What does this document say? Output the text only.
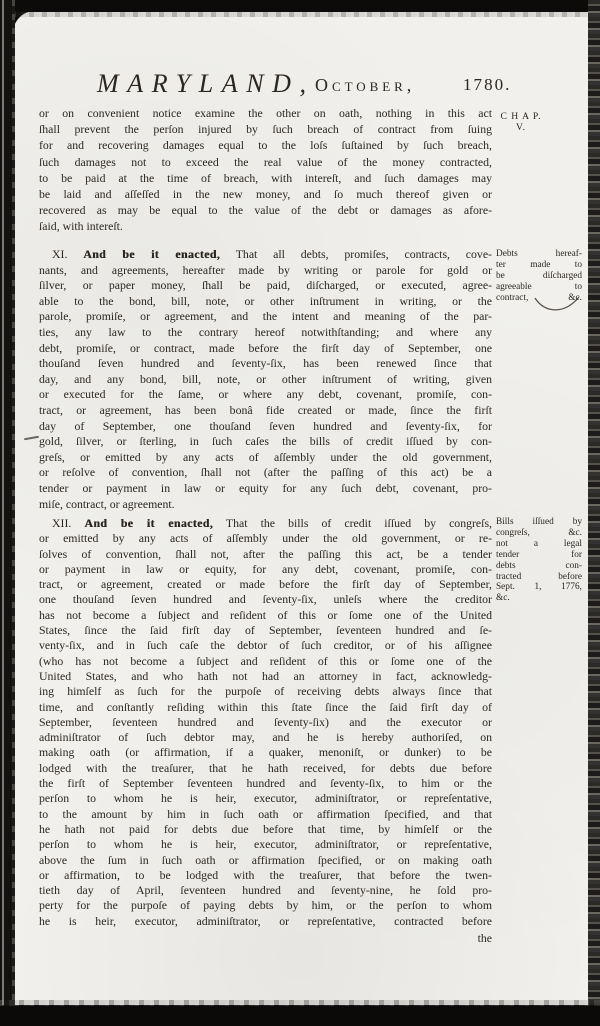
MARYLAND, October,	1780.
C H A P.
V.
or on convenient notice examine the other on oath, nothing in this act
ſhall prevent the perſon injured by ſuch breach of contract from ſuing
for and recovering damages equal to the loſs ſuſtained by ſuch breach,
ſuch damages not to exceed the real value of the money contracted,
to be paid at the time of breach, with intereſt, and ſuch damages may
be laid and aſſeſſed in the new money, and ſo much thereof given or
recovered as may be equal to the value of the debt or damages as afore-
ſaid, with intereſt.
XI. And be it enacted, That all debts, promiſes, contracts, cove-
nants, and agreements, hereafter made by writing or parole for gold or
ſilver, or paper money, ſhall be paid, diſcharged, or executed, agree-
able to the bond, bill, note, or other inſtrument in writing, or the
parole, promiſe, or agreement, and the intent and meaning of the par-
ties, any law to the contrary hereof notwithſtanding; and where any
debt, promiſe, or contract, made before the firſt day of September, one
thouſand ſeven hundred and ſeventy-ſix, has been renewed ſince that
day, and any bond, bill, note, or other inſtrument of writing, given
or executed for the ſame, or where any debt, covenant, promiſe, con-
tract, or agreement, has been bonâ fide created or made, ſince the firſt
day of September, one thouſand ſeven hundred and ſeventy-ſix, for
gold, ſilver, or ſterling, in ſuch caſes the bills of credit iſſued by con-
greſs, or emitted by any acts of aſſembly under the old government,
or reſolve of convention, ſhall not (after the paſſing of this act) be a
tender or payment in law or equity for any ſuch debt, covenant, pro-
miſe, contract, or agreement.
Debts hereaf-
ter made to
be diſcharged
agreeable to
contract, &c.
XII. And be it enacted, That the bills of credit iſſued by congreſs,
or emitted by any acts of aſſembly under the old government, or re-
ſolves of convention, ſhall not, after the paſſing this act, be a tender
or payment in law or equity, for any debt, covenant, promiſe, con-
tract, or agreement, created or made before the firſt day of September,
one thouſand ſeven hundred and ſeventy-ſix, unleſs where the creditor
has not become a ſubject and reſident of this or ſome one of the United
States, ſince the ſaid firſt day of September, ſeventeen hundred and ſe-
venty-ſix, and in ſuch caſe the debtor of ſuch creditor, or of his aſſignee
(who has not become a ſubject and reſident of this or ſome one of the
United States, and who hath not had an attorney in fact, acknowledg-
ing himſelf as ſuch for the purpoſe of receiving debts always ſince that
time, and conſtantly reſiding within this ſtate ſince the ſaid firſt day of
September, ſeventeen hundred and ſeventy-ſix) and the executor or
adminiſtrator of ſuch debtor may, and he is hereby authoriſed, on
making oath (or affirmation, if a quaker, menoniſt, or dunker) to be
lodged with the treaſurer, that he hath received, for debts due before
the firſt of September ſeventeen hundred and ſeventy-ſix, to him or the
perſon to whom he is heir, executor, adminiſtrator, or repreſentative,
to the amount by him in ſuch oath or affirmation ſpecified, and that
he hath not paid for debts due before that time, by himſelf or the
perſon to whom he is heir, executor, adminiſtrator, or repreſentative,
above the ſum in ſuch oath or affirmation ſpecified, or on making oath
or affirmation, to be lodged with the treaſurer, that before the twen-
tieth day of April, ſeventeen hundred and ſeventy-nine, he ſold pro-
perty for the purpoſe of paying debts by him, or the perſon to whom
he is heir, executor, adminiſtrator, or repreſentative, contracted before
Bills iſſued by
congreſs, &c.
not a legal
tender for
debts con-
tracted before
Sept. 1, 1776,
&c.
the
